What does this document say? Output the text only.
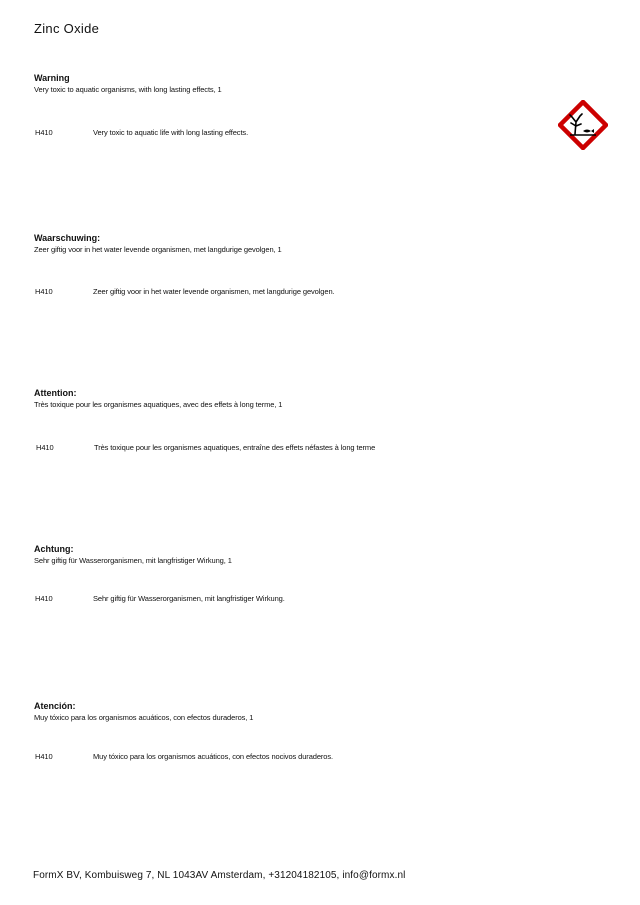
Zinc Oxide
Warning
Very toxic to aquatic organisms, with long lasting effects, 1
H410	Very toxic to aquatic life with long lasting effects.
Waarschuwing:
Zeer giftig voor in het water levende organismen, met langdurige gevolgen, 1
H410	Zeer giftig voor in het water levende organismen, met langdurige gevolgen.
Attention:
Très toxique pour les organismes aquatiques, avec des effets à long terme, 1
H410	Très toxique pour les organismes aquatiques, entraîne des effets néfastes à long terme
Achtung:
Sehr giftig für Wasserorganismen, mit langfristiger Wirkung, 1
H410	Sehr giftig für Wasserorganismen, mit langfristiger Wirkung.
Atención:
Muy tóxico para los organismos acuáticos, con efectos duraderos, 1
H410	Muy tóxico para los organismos acuáticos, con efectos nocivos duraderos.
FormX BV, Kombuisweg 7, NL 1043AV Amsterdam, +31204182105, info@formx.nl
